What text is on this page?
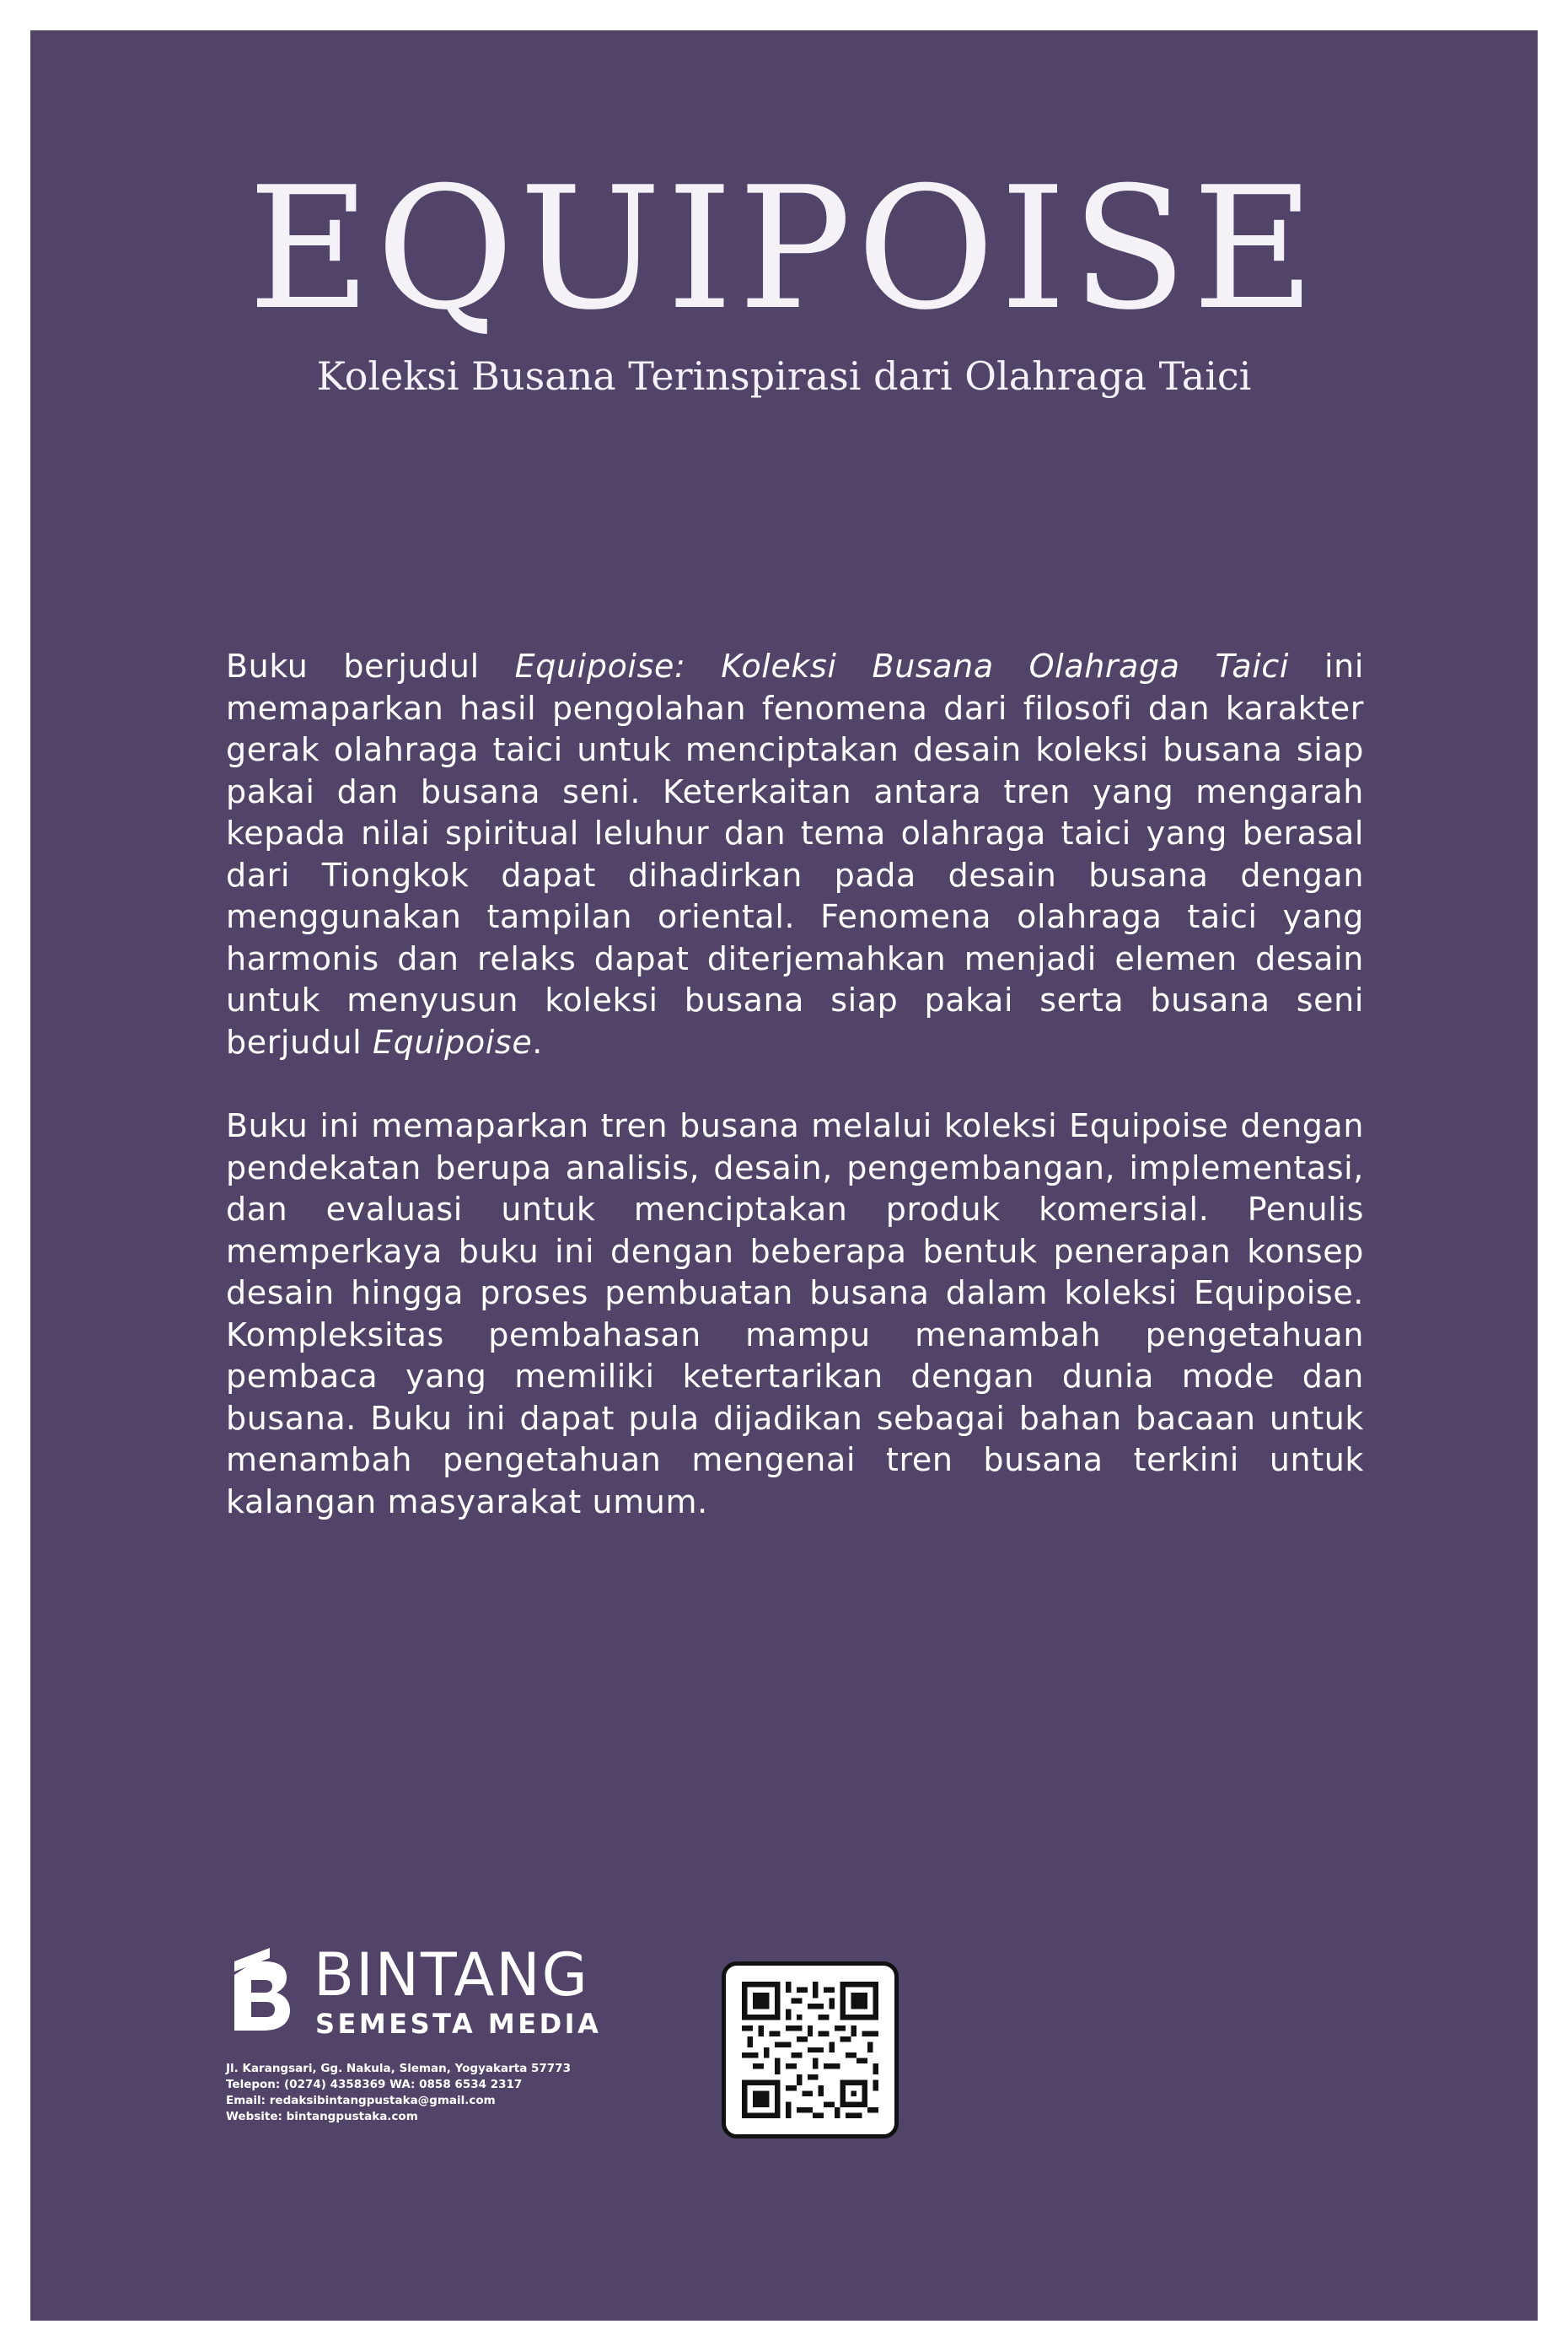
EQUIPOISE

Koleksi Busana Terinspirasi dari Olahraga Taici

Buku berjudul Equipoise: Koleksi Busana Olahraga Taici ini memaparkan hasil pengolahan fenomena dari filosofi dan karakter gerak olahraga taici untuk menciptakan desain koleksi busana siap pakai dan busana seni. Keterkaitan antara tren yang mengarah kepada nilai spiritual leluhur dan tema olahraga taici yang berasal dari Tiongkok dapat dihadirkan pada desain busana dengan menggunakan tampilan oriental. Fenomena olahraga taici yang harmonis dan relaks dapat diterjemahkan menjadi elemen desain untuk menyusun koleksi busana siap pakai serta busana seni berjudul Equipoise.

Buku ini memaparkan tren busana melalui koleksi Equipoise dengan pendekatan berupa analisis, desain, pengembangan, implementasi, dan evaluasi untuk menciptakan produk komersial. Penulis memperkaya buku ini dengan beberapa bentuk penerapan konsep desain hingga proses pembuatan busana dalam koleksi Equipoise. Kompleksitas pembahasan mampu menambah pengetahuan pembaca yang memiliki ketertarikan dengan dunia mode dan busana. Buku ini dapat pula dijadikan sebagai bahan bacaan untuk menambah pengetahuan mengenai tren busana terkini untuk kalangan masyarakat umum.

BINTANG

SEMESTA MEDIA

Jl. Karangsari, Gg. Nakula, Sleman, Yogyakarta 57773
Telepon: (0274) 4358369 WA: 0858 6534 2317
Email: redaksibintangpustaka@gmail.com
Website: bintangpustaka.com
